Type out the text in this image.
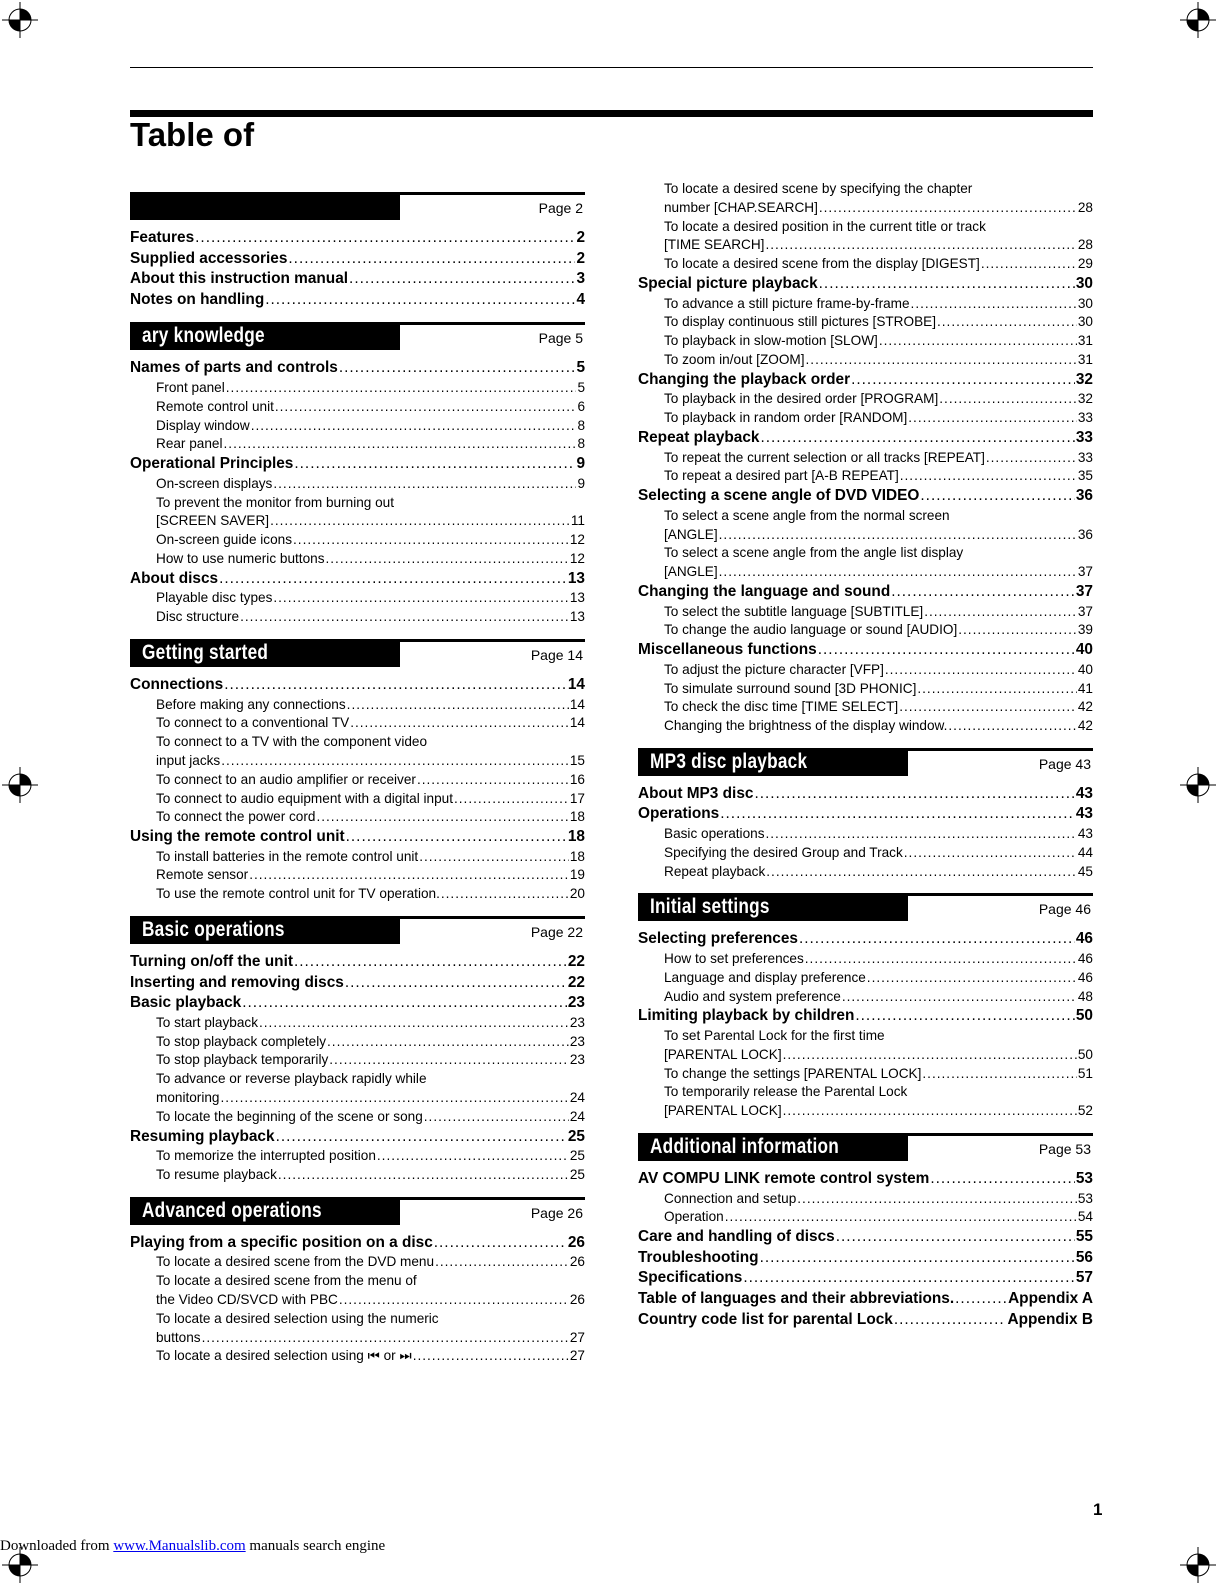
Table of
Page 2
Features .....	2
Supplied accessories .....	2
About this instruction manual .....	3
Notes on handling .....	4
ary knowledge	Page 5
Names of parts and controls .....	5
Front panel .....	5
Remote control unit .....	6
Display window .....	8
Rear panel .....	8
Operational Principles .....	9
On-screen displays .....	9
To prevent the monitor from burning out
[SCREEN SAVER] .....	11
On-screen guide icons .....	12
How to use numeric buttons .....	12
About discs .....	13
Playable disc types .....	13
Disc structure .....	13
Getting started	Page 14
Connections .....	14
Before making any connections .....	14
To connect to a conventional TV .....	14
To connect to a TV with the component video
input jacks .....	15
To connect to an audio amplifier or receiver .....	16
To connect to audio equipment with a digital input .....	17
To connect the power cord .....	18
Using the remote control unit .....	18
To install batteries in the remote control unit .....	18
Remote sensor .....	19
To use the remote control unit for TV operation. .....	20
Basic operations	Page 22
Turning on/off the unit .....	22
Inserting and removing discs .....	22
Basic playback .....	23
To start playback .....	23
To stop playback completely .....	23
To stop playback temporarily .....	23
To advance or reverse playback rapidly while
monitoring .....	24
To locate the beginning of the scene or song .....	24
Resuming playback .....	25
To memorize the interrupted position .....	25
To resume playback .....	25
Advanced operations	Page 26
Playing from a specific position on a disc .....	26
To locate a desired scene from the DVD menu .....	26
To locate a desired scene from the menu of
the Video CD/SVCD with PBC .....	26
To locate a desired selection using the numeric
buttons .....	27
To locate a desired selection using ⏮ or ⏭ .....	27
To locate a desired scene by specifying the chapter
number [CHAP.SEARCH] .....	28
To locate a desired position in the current title or track
[TIME SEARCH] .....	28
To locate a desired scene from the display [DIGEST] .....	29
Special picture playback .....	30
To advance a still picture frame-by-frame .....	30
To display continuous still pictures [STROBE] .....	30
To playback in slow-motion [SLOW] .....	31
To zoom in/out [ZOOM] .....	31
Changing the playback order .....	32
To playback in the desired order [PROGRAM] .....	32
To playback in random order [RANDOM] .....	33
Repeat playback .....	33
To repeat the current selection or all tracks [REPEAT] .....	33
To repeat a desired part [A-B REPEAT] .....	35
Selecting a scene angle of DVD VIDEO .....	36
To select a scene angle from the normal screen
[ANGLE] .....	36
To select a scene angle from the angle list display
[ANGLE] .....	37
Changing the language and sound .....	37
To select the subtitle language [SUBTITLE] .....	37
To change the audio language or sound [AUDIO] .....	39
Miscellaneous functions .....	40
To adjust the picture character [VFP] .....	40
To simulate surround sound [3D PHONIC] .....	41
To check the disc time [TIME SELECT] .....	42
Changing the brightness of the display window. .....	42
MP3 disc playback	Page 43
About MP3 disc .....	43
Operations .....	43
Basic operations .....	43
Specifying the desired Group and Track .....	44
Repeat playback .....	45
Initial settings	Page 46
Selecting preferences .....	46
How to set preferences .....	46
Language and display preference .....	46
Audio and system preference .....	48
Limiting playback by children .....	50
To set Parental Lock for the first time
[PARENTAL LOCK] .....	50
To change the settings [PARENTAL LOCK] .....	51
To temporarily release the Parental Lock
[PARENTAL LOCK] .....	52
Additional information	Page 53
AV COMPU LINK remote control system .....	53
Connection and setup .....	53
Operation .....	54
Care and handling of discs .....	55
Troubleshooting .....	56
Specifications .....	57
Table of languages and their abbreviations. .....	Appendix A
Country code list for parental Lock .....	Appendix B
1
Downloaded from www.Manualslib.com manuals search engine
